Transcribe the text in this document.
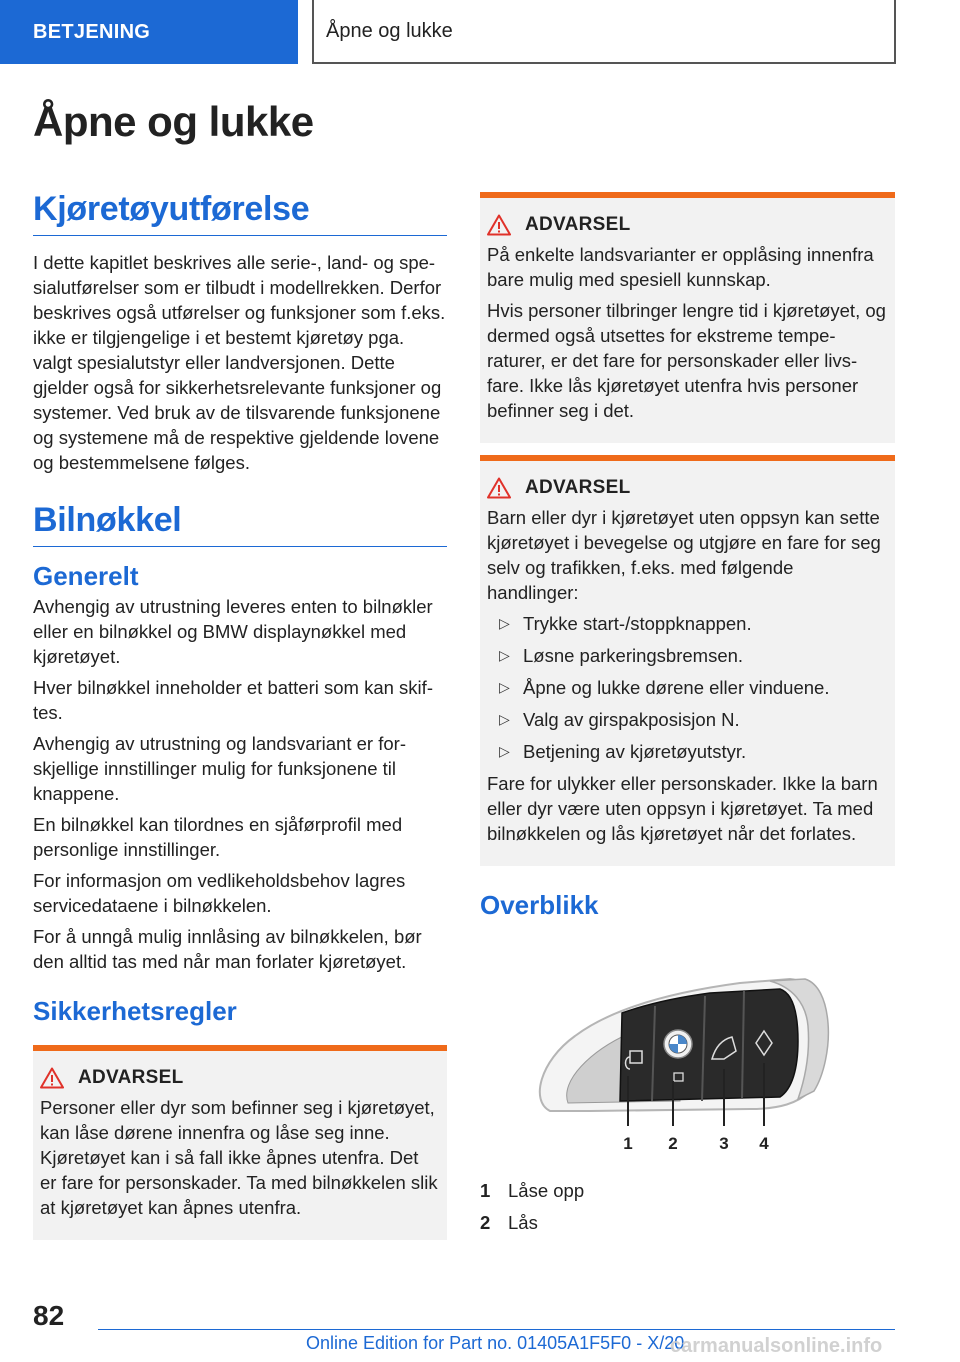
BETJENING	Åpne og lukke
Åpne og lukke
Kjøretøyutførelse

I dette kapitlet beskrives alle serie-, land- og spesialutførelser som er tilbudt i modellrekken. Derfor beskrives også utførelser og funksjoner som f.eks. ikke er tilgjengelige i et bestemt kjøretøy pga. valgt spesialutstyr eller landversjonen. Dette gjelder også for sikkerhetsrelevante funksjoner og systemer. Ved bruk av de tilsvarende funksjonene og systemene må de respektive gjeldende lovene og bestemmelsene følges.

Bilnøkkel
Generelt

Avhengig av utrustning leveres enten to bilnøkler eller en bilnøkkel og BMW displaynøkkel med kjøretøyet.

Hver bilnøkkel inneholder et batteri som kan skiftes.

Avhengig av utrustning og landsvariant er forskjellige innstillinger mulig for funksjonene til knappene.

En bilnøkkel kan tilordnes en sjåførprofil med personlige innstillinger.

For informasjon om vedlikeholdsbehov lagres servicedataene i bilnøkkelen.

For å unngå mulig innlåsing av bilnøkkelen, bør den alltid tas med når man forlater kjøretøyet.

Sikkerhetsregler
ADVARSEL

Personer eller dyr som befinner seg i kjøretøyet, kan låse dørene innenfra og låse seg inne. Kjøretøyet kan i så fall ikke åpnes utenfra. Det er fare for personskader. Ta med bilnøkkelen slik at kjøretøyet kan åpnes utenfra.

ADVARSEL

På enkelte landsvarianter er opplåsing innenfra bare mulig med spesiell kunnskap.

Hvis personer tilbringer lengre tid i kjøretøyet, og dermed også utsettes for ekstreme temperaturer, er det fare for personskader eller livsfare. Ikke lås kjøretøyet utenfra hvis personer befinner seg i det.

ADVARSEL

Barn eller dyr i kjøretøyet uten oppsyn kan sette kjøretøyet i bevegelse og utgjøre en fare for seg selv og trafikken, f.eks. med følgende handlinger:

▷ Trykke start-/stoppknappen.
▷ Løsne parkeringsbremsen.
▷ Åpne og lukke dørene eller vinduene.
▷ Valg av girspakposisjon N.
▷ Betjening av kjøretøyutstyr.

Fare for ulykker eller personskader. Ikke la barn eller dyr være uten oppsyn i kjøretøyet. Ta med bilnøkkelen og lås kjøretøyet når det forlates.

Overblikk
1 2 3 4
1 Låse opp
2 Lås
82
Online Edition for Part no. 01405A1F5F0 - X/20
carmanualsonline.info
